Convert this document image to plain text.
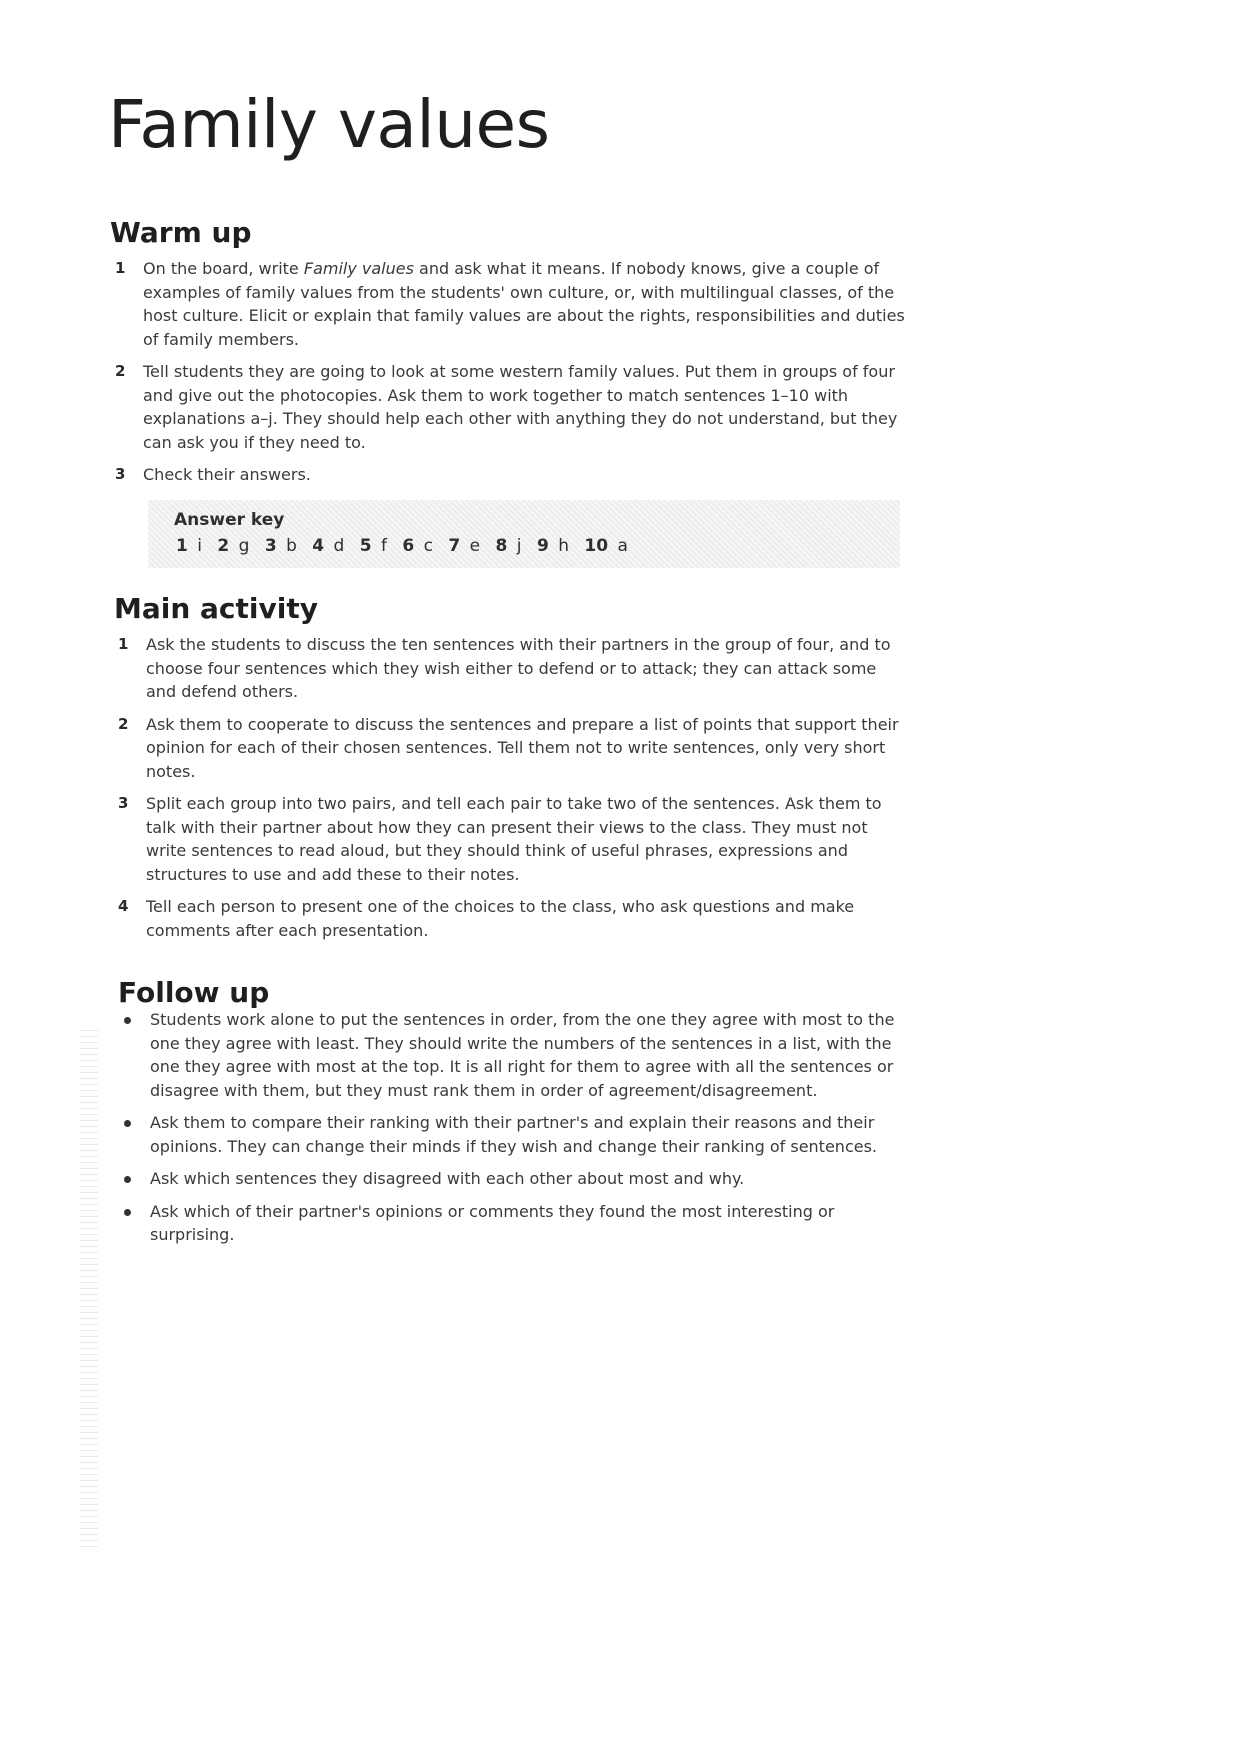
Family values
Warm up
1 On the board, write Family values and ask what it means. If nobody knows, give a couple of examples of family values from the students' own culture, or, with multilingual classes, of the host culture. Elicit or explain that family values are about the rights, responsibilities and duties of family members.
2 Tell students they are going to look at some western family values. Put them in groups of four and give out the photocopies. Ask them to work together to match sentences 1–10 with explanations a–j. They should help each other with anything they do not understand, but they can ask you if they need to.
3 Check their answers.
Answer key
1 i 2 g 3 b 4 d 5 f 6 c 7 e 8 j 9 h 10 a
Main activity
1 Ask the students to discuss the ten sentences with their partners in the group of four, and to choose four sentences which they wish either to defend or to attack; they can attack some and defend others.
2 Ask them to cooperate to discuss the sentences and prepare a list of points that support their opinion for each of their chosen sentences. Tell them not to write sentences, only very short notes.
3 Split each group into two pairs, and tell each pair to take two of the sentences. Ask them to talk with their partner about how they can present their views to the class. They must not write sentences to read aloud, but they should think of useful phrases, expressions and structures to use and add these to their notes.
4 Tell each person to present one of the choices to the class, who ask questions and make comments after each presentation.
Follow up
Students work alone to put the sentences in order, from the one they agree with most to the one they agree with least. They should write the numbers of the sentences in a list, with the one they agree with most at the top. It is all right for them to agree with all the sentences or disagree with them, but they must rank them in order of agreement/disagreement.
Ask them to compare their ranking with their partner's and explain their reasons and their opinions. They can change their minds if they wish and change their ranking of sentences.
Ask which sentences they disagreed with each other about most and why.
Ask which of their partner's opinions or comments they found the most interesting or surprising.
